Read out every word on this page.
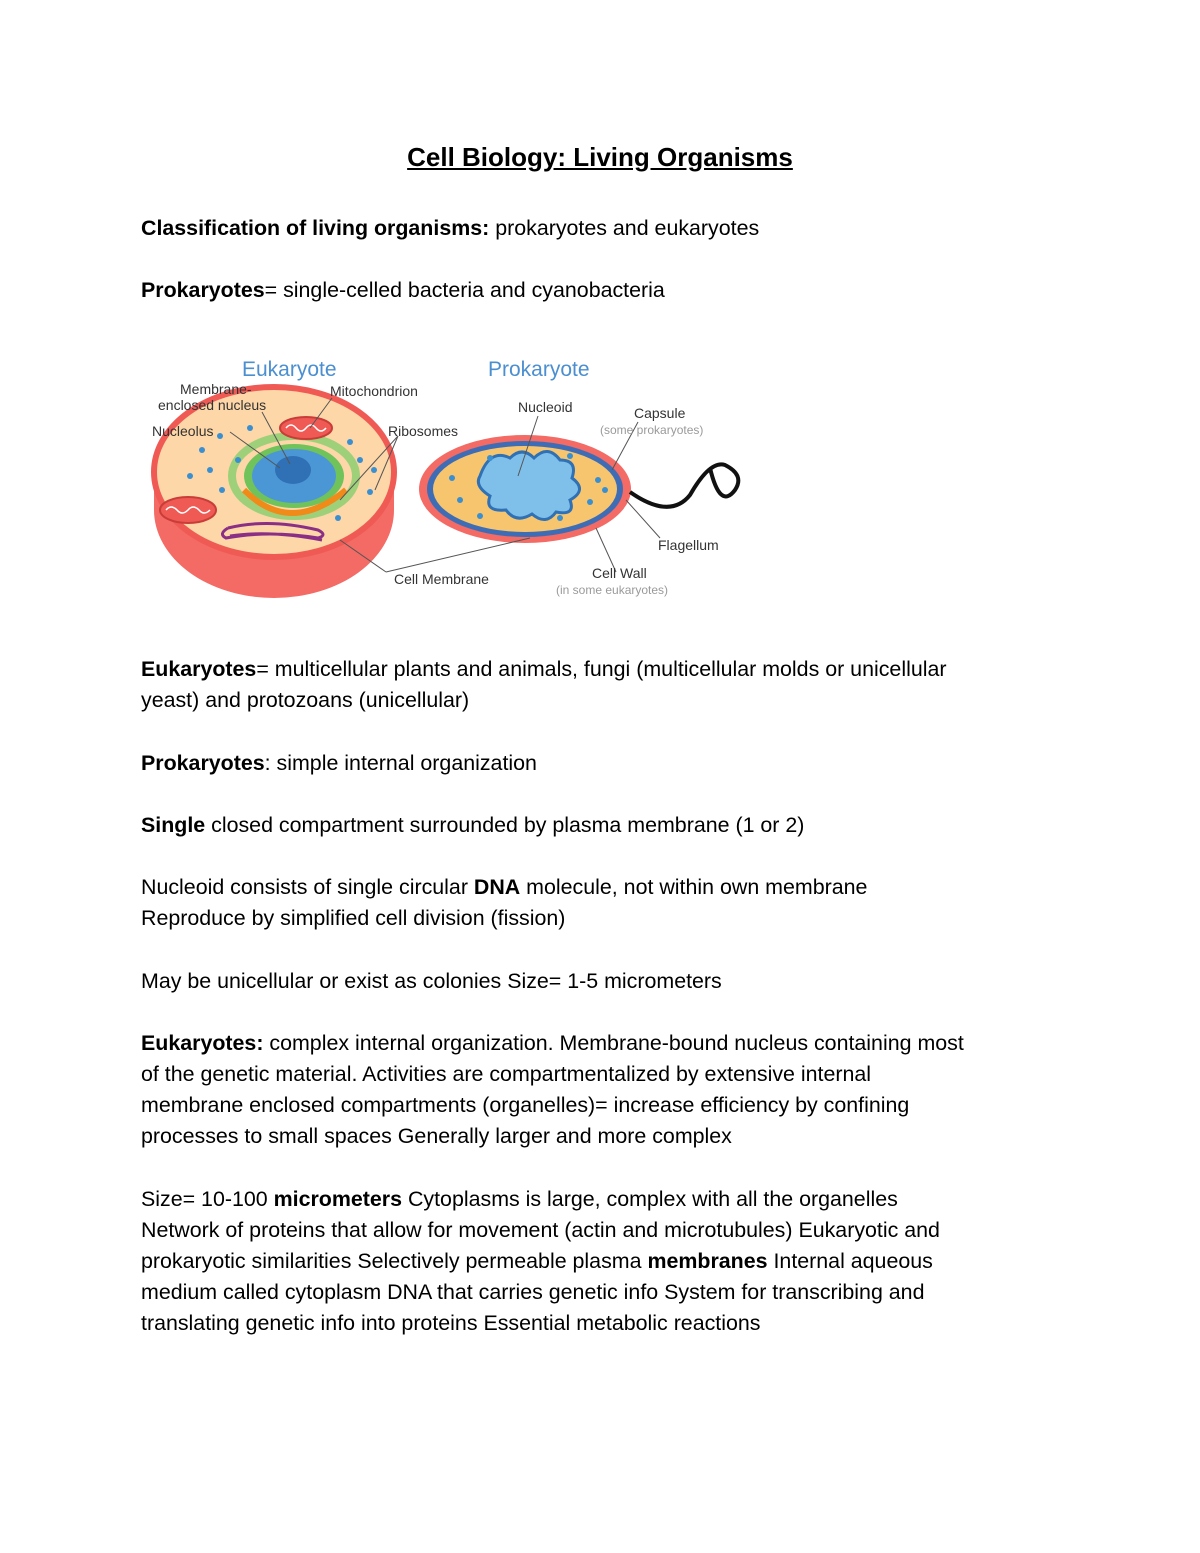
Cell Biology: Living Organisms

Classification of living organisms: prokaryotes and eukaryotes

Prokaryotes= single-celled bacteria and cyanobacteria

Eukaryote	Prokaryote
Membrane-
enclosed nucleus
Mitochondrion
Nucleolus	Ribosomes
Nucleoid	Capsule
(some prokaryotes)
Flagellum
Cell Membrane	Cell Wall
(in some eukaryotes)

Eukaryotes= multicellular plants and animals, fungi (multicellular molds or unicellular
yeast) and protozoans (unicellular)

Prokaryotes: simple internal organization

Single closed compartment surrounded by plasma membrane (1 or 2)

Nucleoid consists of single circular DNA molecule, not within own membrane
Reproduce by simplified cell division (fission)

May be unicellular or exist as colonies Size= 1-5 micrometers

Eukaryotes: complex internal organization. Membrane-bound nucleus containing most
of the genetic material. Activities are compartmentalized by extensive internal
membrane enclosed compartments (organelles)= increase efficiency by confining
processes to small spaces Generally larger and more complex

Size= 10-100 micrometers Cytoplasms is large, complex with all the organelles
Network of proteins that allow for movement (actin and microtubules) Eukaryotic and
prokaryotic similarities Selectively permeable plasma membranes Internal aqueous
medium called cytoplasm DNA that carries genetic info System for transcribing and
translating genetic info into proteins Essential metabolic reactions
